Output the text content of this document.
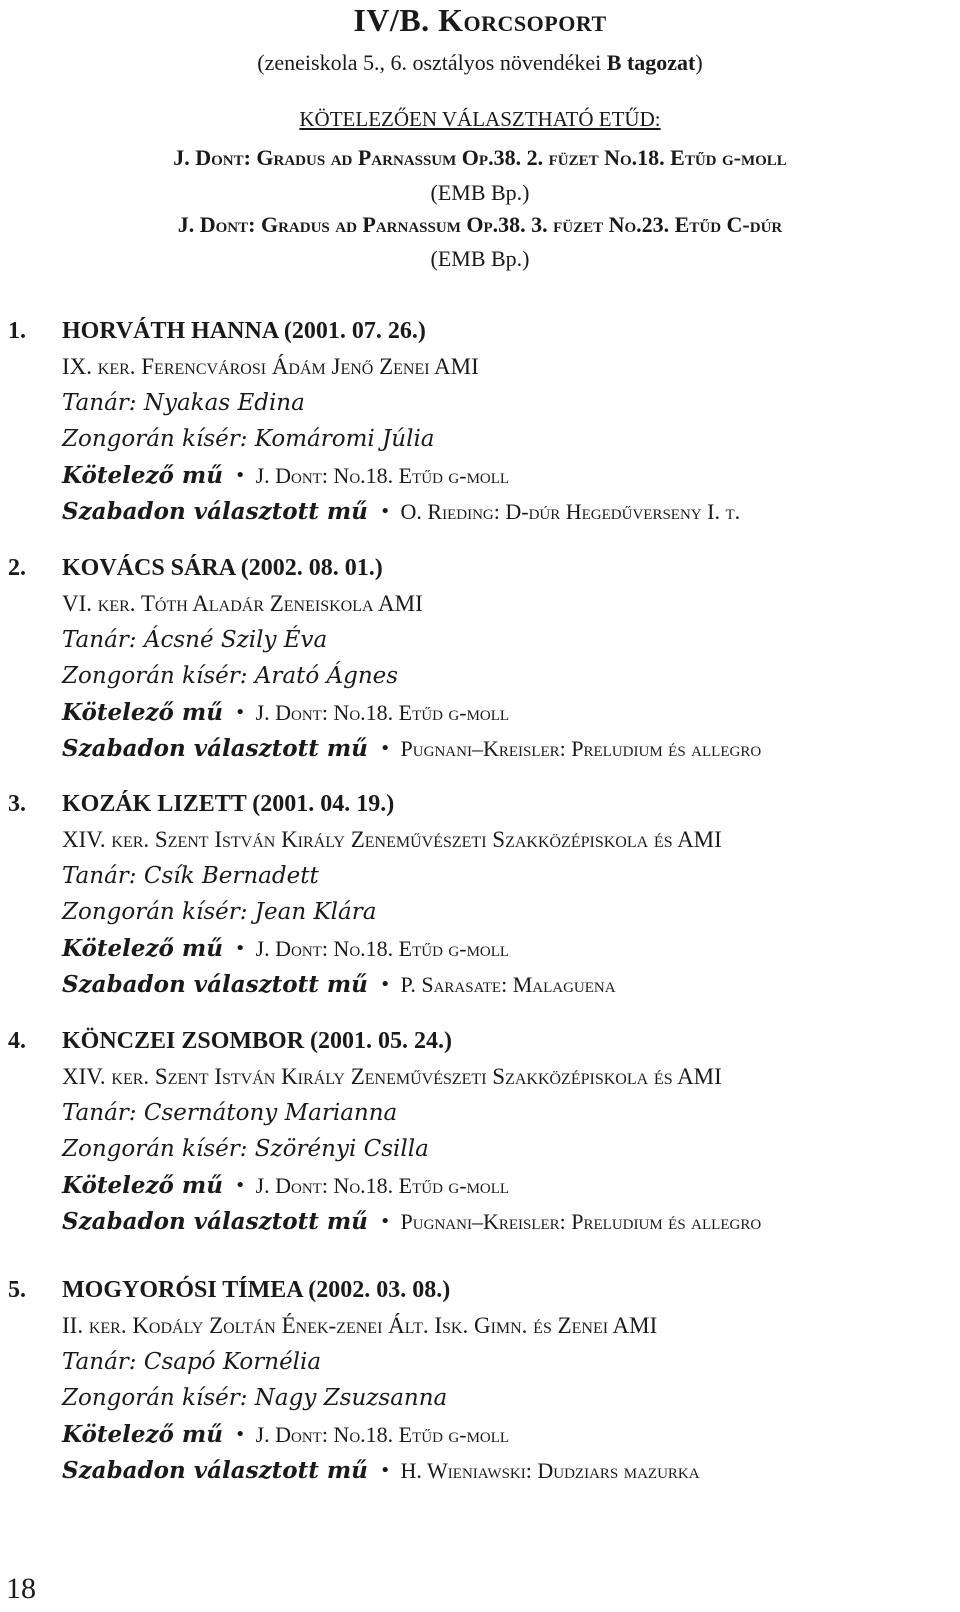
IV/B. Korcsoport
(zeneiskola 5., 6. osztályos növendékei B tagozat)
KÖTELEZŐEN VÁLASZTHATÓ ETŰD:
J. Dont: Gradus ad Parnassum Op.38. 2. füzet No.18. Etűd g-moll
(EMB Bp.)
J. Dont: Gradus ad Parnassum Op.38. 3. füzet No.23. Etűd C-dúr
(EMB Bp.)
1. HORVÁTH HANNA (2001. 07. 26.)
IX. ker. Ferencvárosi Ádám Jenő Zenei AMI
Tanár: Nyakas Edina
Zongorán kísér: Komáromi Júlia
Kötelező mű • J. Dont: No.18. Etűd g-moll
Szabadon választott mű • O. Rieding: D-dúr Hegedűverseny I. t.
2. KOVÁCS SÁRA (2002. 08. 01.)
VI. ker. Tóth Aladár Zeneiskola AMI
Tanár: Ácsné Szily Éva
Zongorán kísér: Arató Ágnes
Kötelező mű • J. Dont: No.18. Etűd g-moll
Szabadon választott mű • Pugnani–Kreisler: Preludium és allegro
3. KOZÁK LIZETT (2001. 04. 19.)
XIV. ker. Szent István Király Zeneművészeti Szakközépiskola és AMI
Tanár: Csík Bernadett
Zongorán kísér: Jean Klára
Kötelező mű • J. Dont: No.18. Etűd g-moll
Szabadon választott mű • P. Sarasate: Malaguena
4. KÖNCZEI ZSOMBOR (2001. 05. 24.)
XIV. ker. Szent István Király Zeneművészeti Szakközépiskola és AMI
Tanár: Csernátony Marianna
Zongorán kísér: Szörényi Csilla
Kötelező mű • J. Dont: No.18. Etűd g-moll
Szabadon választott mű • Pugnani–Kreisler: Preludium és allegro
5. MOGYORÓSI TÍMEA (2002. 03. 08.)
II. ker. Kodály Zoltán Ének-zenei Ált. Isk. Gimn. és Zenei AMI
Tanár: Csapó Kornélia
Zongorán kísér: Nagy Zsuzsanna
Kötelező mű • J. Dont: No.18. Etűd g-moll
Szabadon választott mű • H. Wieniawski: Dudziars mazurka
18
